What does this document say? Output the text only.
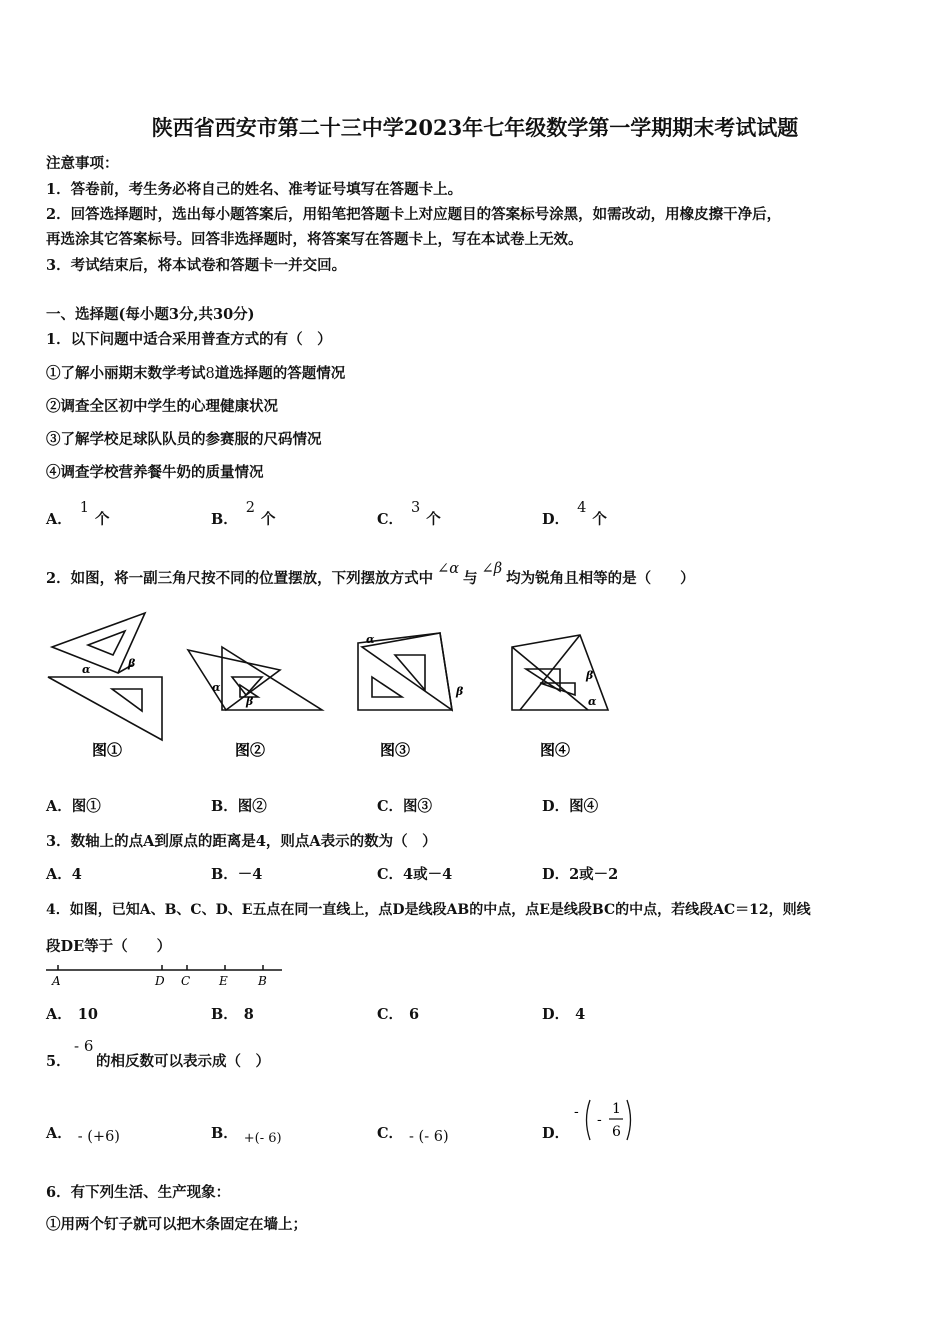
陕西省西安市第二十三中学2023年七年级数学第一学期期末考试试题
注意事项：
1．答卷前，考生务必将自己的姓名、准考证号填写在答题卡上。
2．回答选择题时，选出每小题答案后，用铅笔把答题卡上对应题目的答案标号涂黑，如需改动，用橡皮擦干净后，
再选涂其它答案标号。回答非选择题时，将答案写在答题卡上，写在本试卷上无效。
3．考试结束后，将本试卷和答题卡一并交回。
一、选择题(每小题3分,共30分)
1．以下问题中适合采用普查方式的有（　）
①了解小丽期末数学考试8道选择题的答题情况
②调查全区初中学生的心理健康状况
③了解学校足球队队员的参赛服的尺码情况
④调查学校营养餐牛奶的质量情况
A．1个	B．2个	C．3个	D．4个
2．如图，将一副三角尺按不同的位置摆放，下列摆放方式中∠α与∠β均为锐角且相等的是（　　）
α	β
α
β
α
β
β
α
图①	图②	图③	图④
A．图①	B．图②	C．图③	D．图④
3．数轴上的点A到原点的距离是4，则点A表示的数为（　）
A．4	B．－4	C．4或－4	D．2或－2
4．如图，已知A、B、C、D、E五点在同一直线上，点D是线段AB的中点，点E是线段BC的中点，若线段AC＝12，则线
段DE等于（　　）
A	D C E	B
A． 10	B． 8	C． 6	D． 4
5．
- 6
的相反数可以表示成（　）
A． - (+6)	B． +(- 6)	C． - (- 6)	D．
- -
1
6
6．有下列生活、生产现象：
①用两个钉子就可以把木条固定在墙上；
